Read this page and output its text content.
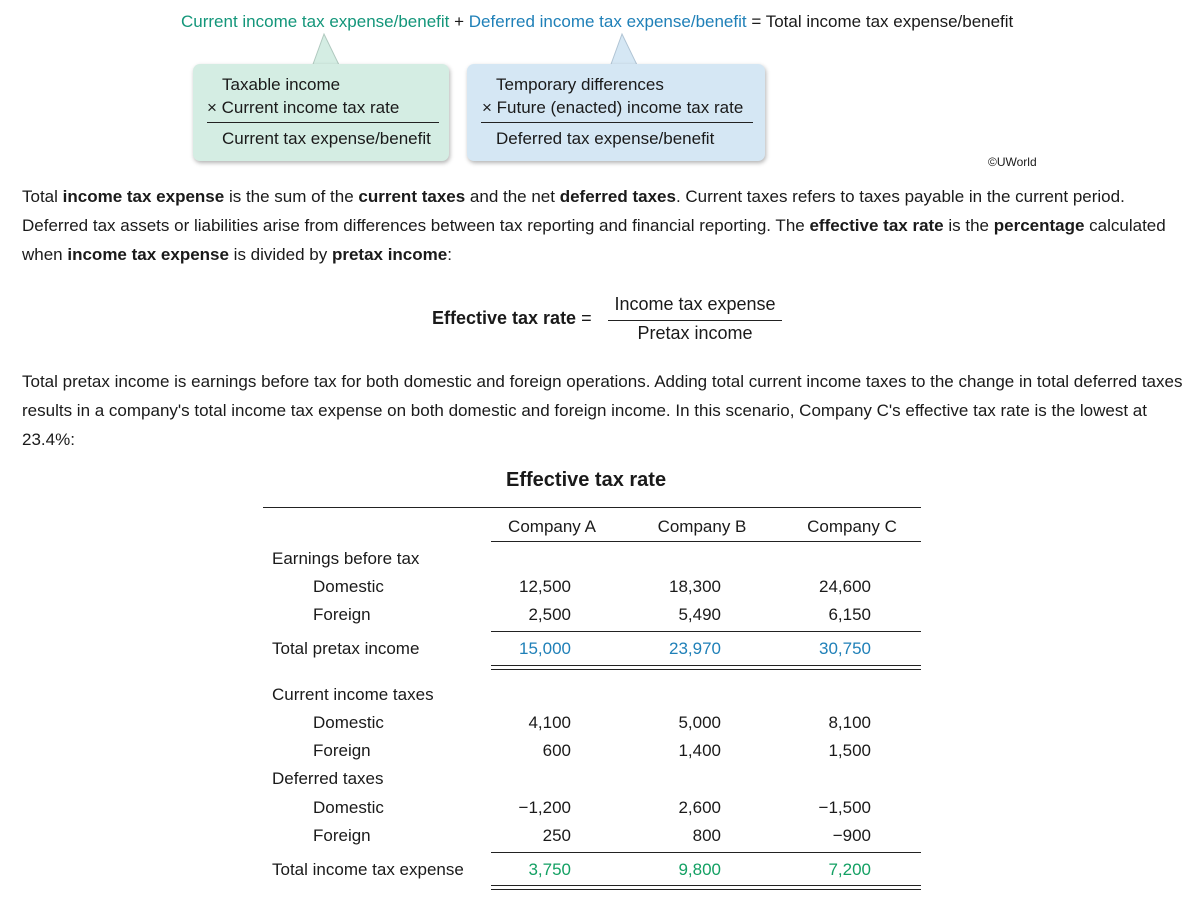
Current income tax expense/benefit + Deferred income tax expense/benefit = Total income tax expense/benefit
Taxable income
× Current income tax rate
Current tax expense/benefit
Temporary differences
× Future (enacted) income tax rate
Deferred tax expense/benefit
©UWorld

Total income tax expense is the sum of the current taxes and the net deferred taxes. Current taxes refers to taxes payable in the current period. Deferred tax assets or liabilities arise from differences between tax reporting and financial reporting. The effective tax rate is the percentage calculated when income tax expense is divided by pretax income:

Effective tax rate =
Income tax expense
Pretax income

Total pretax income is earnings before tax for both domestic and foreign operations. Adding total current income taxes to the change in total deferred taxes results in a company's total income tax expense on both domestic and foreign income. In this scenario, Company C's effective tax rate is the lowest at 23.4%:

Effective tax rate
Company A	Company B	Company C
Earnings before tax
Domestic	12,500	18,300	24,600
Foreign	2,500	5,490	6,150
Total pretax income	15,000	23,970	30,750
Current income taxes
Domestic	4,100	5,000	8,100
Foreign	600	1,400	1,500
Deferred taxes
Domestic	−1,200	2,600	−1,500
Foreign	250	800	−900
Total income tax expense	3,750	9,800	7,200
